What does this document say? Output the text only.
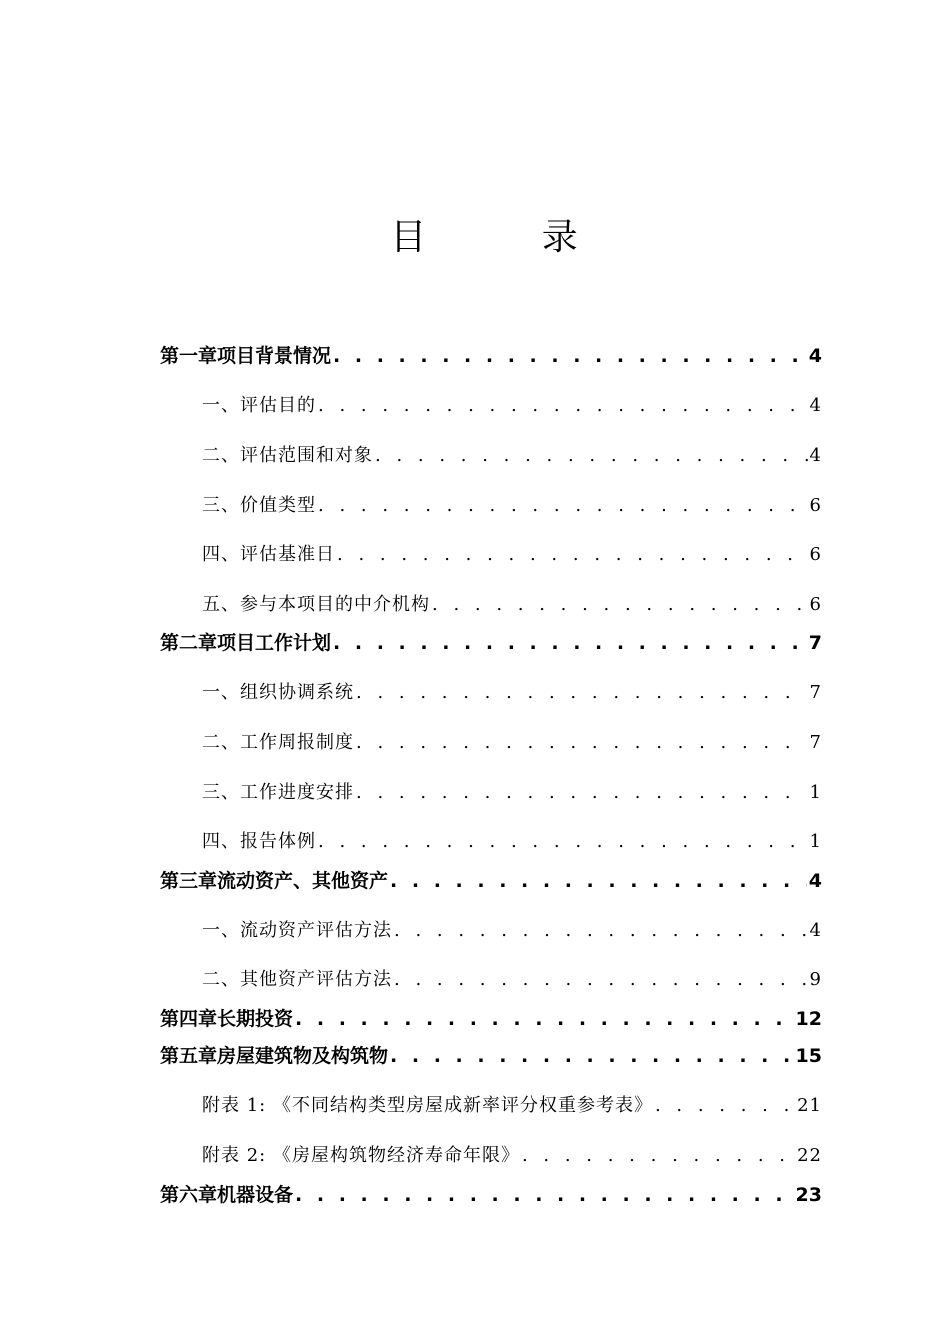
目 录
第一章 项目背景情况 . . .	4
一、评估目的 . . .	4
二、评估范围和对象 . . .	4
三、价值类型 . . .	6
四、评估基准日 . . .	6
五、参与本项目的中介机构 . . .	6
第二章 项目工作计划 . . .	7
一、组织协调系统 . . .	7
二、工作周报制度 . . .	7
三、工作进度安排 . . .	1
四、报告体例 . . .	1
第三章 流动资产、其他资产 . . .	4
一、流动资产评估方法 . . .	4
二、其他资产评估方法 . . .	9
第四章 长期投资 . . .	12
第五章 房屋建筑物及构筑物 . . .	15
附表 1: 《不同结构类型房屋成新率评分权重参考表》 . . .	21
附表 2: 《房屋构筑物经济寿命年限》 . . .	22
第六章 机器设备 . . .	23
